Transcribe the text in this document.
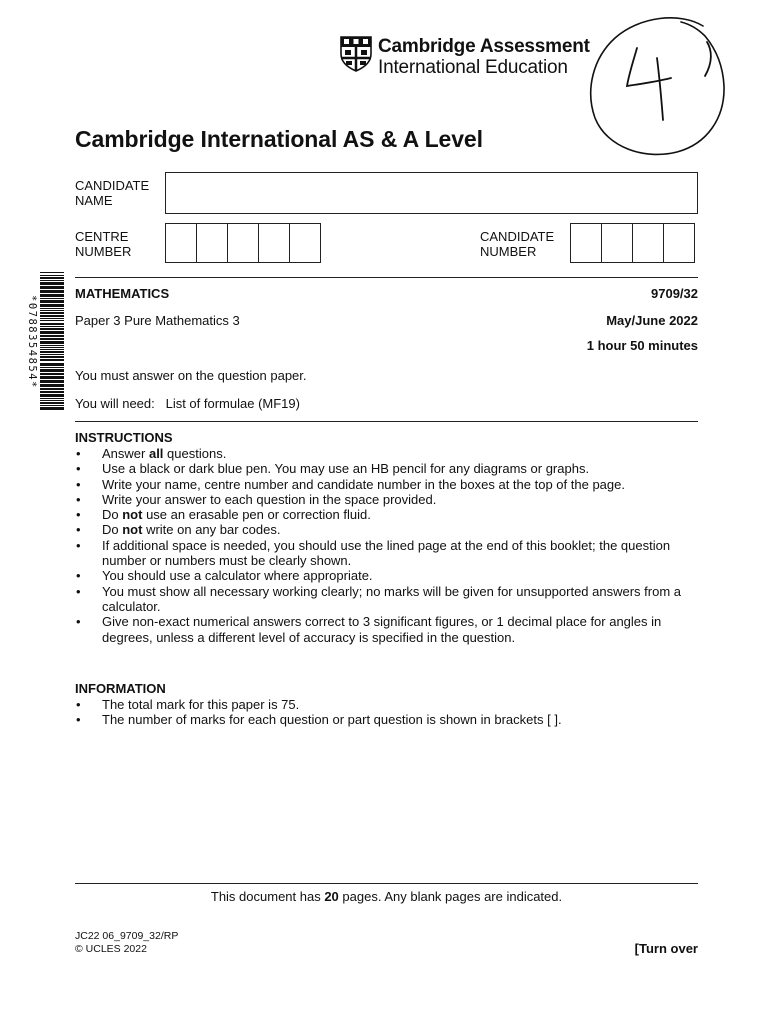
Cambridge Assessment
International Education
Cambridge International AS & A Level
CANDIDATE
NAME
CENTRE
NUMBER
CANDIDATE
NUMBER
*0788354854*
MATHEMATICS	9709/32
Paper 3 Pure Mathematics 3	May/June 2022
1 hour 50 minutes
You must answer on the question paper.
You will need: List of formulae (MF19)
INSTRUCTIONS
• Answer all questions.
• Use a black or dark blue pen. You may use an HB pencil for any diagrams or graphs.
• Write your name, centre number and candidate number in the boxes at the top of the page.
• Write your answer to each question in the space provided.
• Do not use an erasable pen or correction fluid.
• Do not write on any bar codes.
• If additional space is needed, you should use the lined page at the end of this booklet; the question number or numbers must be clearly shown.
• You should use a calculator where appropriate.
• You must show all necessary working clearly; no marks will be given for unsupported answers from a calculator.
• Give non-exact numerical answers correct to 3 significant figures, or 1 decimal place for angles in degrees, unless a different level of accuracy is specified in the question.
INFORMATION
• The total mark for this paper is 75.
• The number of marks for each question or part question is shown in brackets [ ].
This document has 20 pages. Any blank pages are indicated.
JC22 06_9709_32/RP
© UCLES 2022	[Turn over
